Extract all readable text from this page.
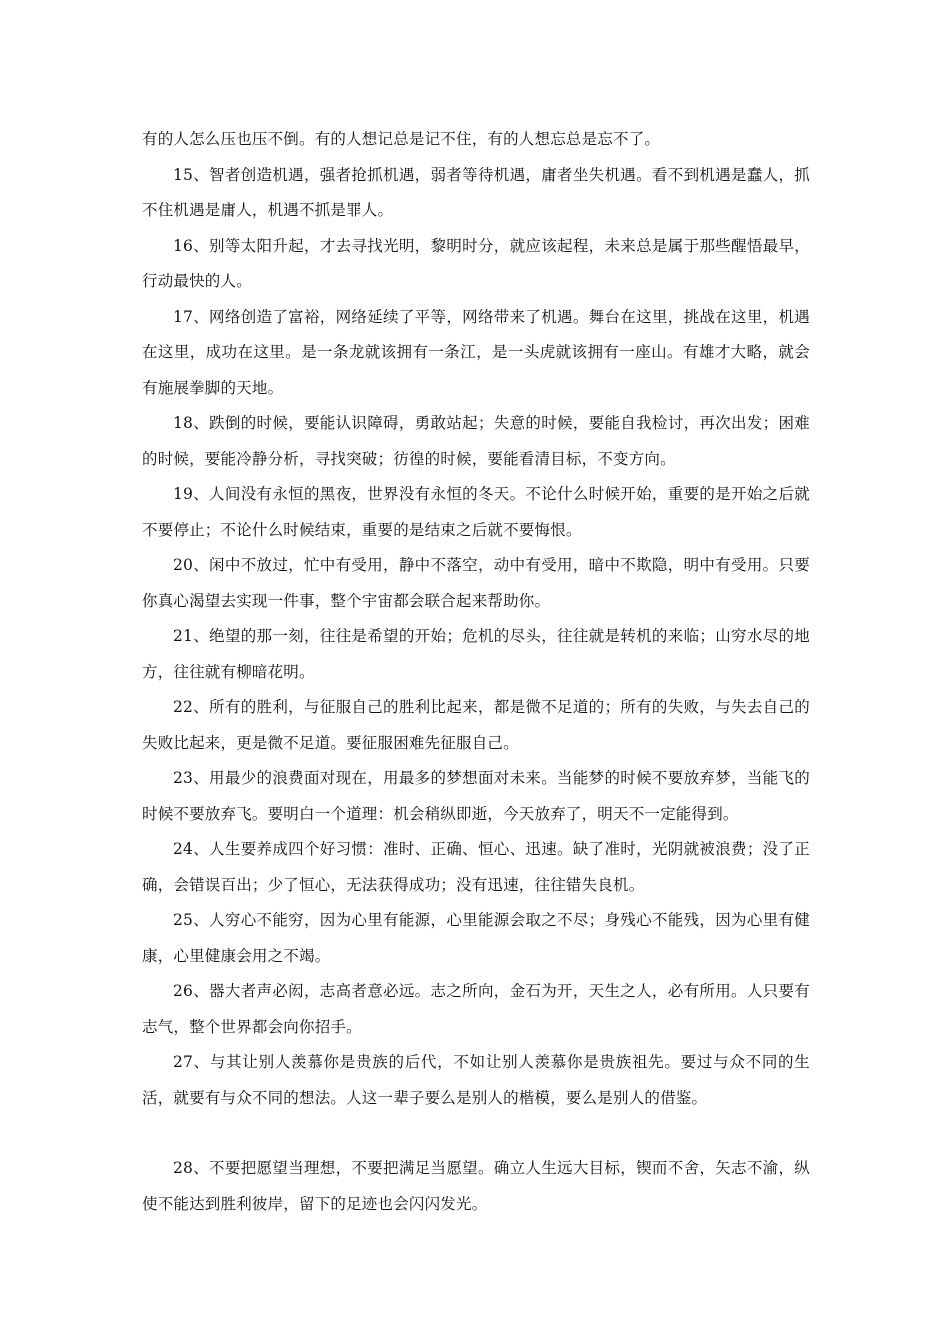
有的人怎么压也压不倒。有的人想记总是记不住，有的人想忘总是忘不了。

15、智者创造机遇，强者抢抓机遇，弱者等待机遇，庸者坐失机遇。看不到机遇是蠢人，抓不住机遇是庸人，机遇不抓是罪人。

16、别等太阳升起，才去寻找光明，黎明时分，就应该起程，未来总是属于那些醒悟最早，行动最快的人。

17、网络创造了富裕，网络延续了平等，网络带来了机遇。舞台在这里，挑战在这里，机遇在这里，成功在这里。是一条龙就该拥有一条江，是一头虎就该拥有一座山。有雄才大略，就会有施展拳脚的天地。

18、跌倒的时候，要能认识障碍，勇敢站起；失意的时候，要能自我检讨，再次出发；困难的时候，要能冷静分析，寻找突破；彷徨的时候，要能看清目标，不变方向。

19、人间没有永恒的黑夜，世界没有永恒的冬天。不论什么时候开始，重要的是开始之后就不要停止；不论什么时候结束，重要的是结束之后就不要悔恨。

20、闲中不放过，忙中有受用，静中不落空，动中有受用，暗中不欺隐，明中有受用。只要你真心渴望去实现一件事，整个宇宙都会联合起来帮助你。

21、绝望的那一刻，往往是希望的开始；危机的尽头，往往就是转机的来临；山穷水尽的地方，往往就有柳暗花明。

22、所有的胜利，与征服自己的胜利比起来，都是微不足道的；所有的失败，与失去自己的失败比起来，更是微不足道。要征服困难先征服自己。

23、用最少的浪费面对现在，用最多的梦想面对未来。当能梦的时候不要放弃梦，当能飞的时候不要放弃飞。要明白一个道理：机会稍纵即逝，今天放弃了，明天不一定能得到。

24、人生要养成四个好习惯：准时、正确、恒心、迅速。缺了准时，光阴就被浪费；没了正确，会错误百出；少了恒心，无法获得成功；没有迅速，往往错失良机。

25、人穷心不能穷，因为心里有能源，心里能源会取之不尽；身残心不能残，因为心里有健康，心里健康会用之不竭。

26、器大者声必闳，志高者意必远。志之所向，金石为开，天生之人，必有所用。人只要有志气，整个世界都会向你招手。

27、与其让别人羡慕你是贵族的后代，不如让别人羡慕你是贵族祖先。要过与众不同的生活，就要有与众不同的想法。人这一辈子要么是别人的楷模，要么是别人的借鉴。

28、不要把愿望当理想，不要把满足当愿望。确立人生远大目标，锲而不舍，矢志不渝，纵使不能达到胜利彼岸，留下的足迹也会闪闪发光。
